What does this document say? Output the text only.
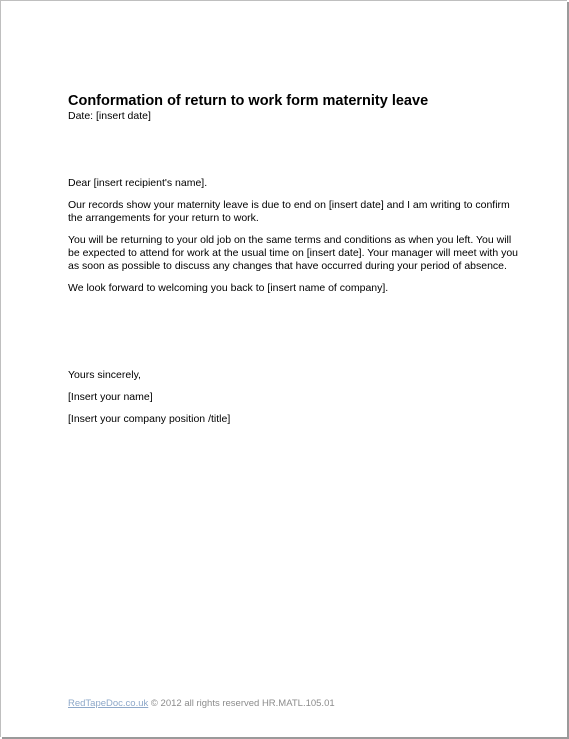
Conformation of return to work form maternity leave
Date: [insert date]

Dear [insert recipient's name].

Our records show your maternity leave is due to end on [insert date] and I am writing to confirm the arrangements for your return to work.

You will be returning to your old job on the same terms and conditions as when you left. You will be expected to attend for work at the usual time on [insert date]. Your manager will meet with you as soon as possible to discuss any changes that have occurred during your period of absence.

We look forward to welcoming you back to [insert name of company].

Yours sincerely,

[Insert your name]

[Insert your company position /title]

RedTapeDoc.co.uk © 2012 all rights reserved HR.MATL.105.01
